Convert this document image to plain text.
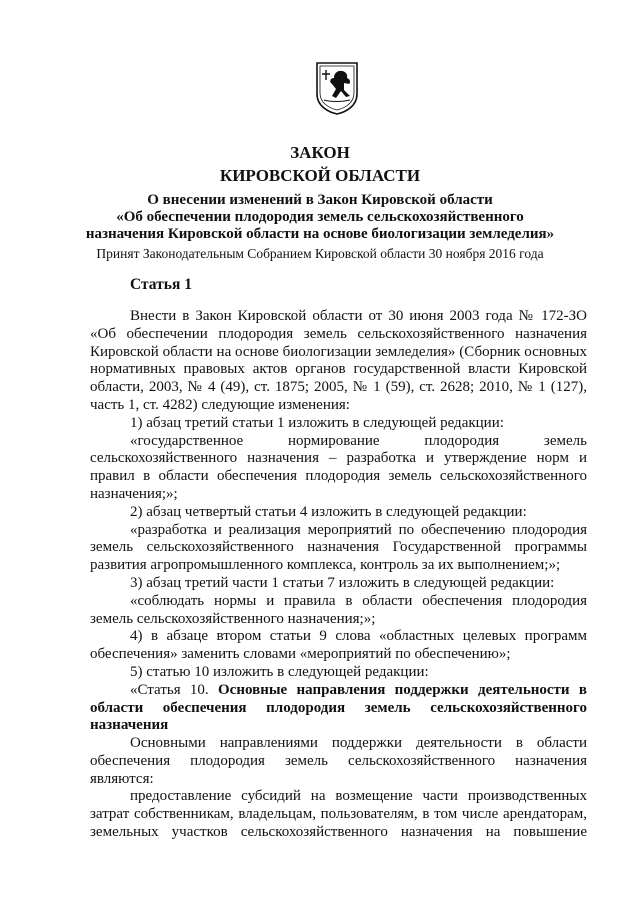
ЗАКОН
КИРОВСКОЙ ОБЛАСТИ
О внесении изменений в Закон Кировской области
«Об обеспечении плодородия земель сельскохозяйственного
назначения Кировской области на основе биологизации земледелия»
Принят Законодательным Собранием Кировской области 30 ноября 2016 года
Статья 1

Внести в Закон Кировской области от 30 июня 2003 года № 172-ЗО «Об обеспечении плодородия земель сельскохозяйственного назначения Кировской области на основе биологизации земледелия» (Сборник основных нормативных правовых актов органов государственной власти Кировской области, 2003, № 4 (49), ст. 1875; 2005, № 1 (59), ст. 2628; 2010, № 1 (127), часть 1, ст. 4282) следующие изменения:

1) абзац третий статьи 1 изложить в следующей редакции:

«государственное нормирование плодородия земель сельскохозяйственного назначения – разработка и утверждение норм и правил в области обеспечения плодородия земель сельскохозяйственного назначения;»;

2) абзац четвертый статьи 4 изложить в следующей редакции:

«разработка и реализация мероприятий по обеспечению плодородия земель сельскохозяйственного назначения Государственной программы развития агропромышленного комплекса, контроль за их выполнением;»;

3) абзац третий части 1 статьи 7 изложить в следующей редакции:

«соблюдать нормы и правила в области обеспечения плодородия земель сельскохозяйственного назначения;»;

4) в абзаце втором статьи 9 слова «областных целевых программ обеспечения» заменить словами «мероприятий по обеспечению»;

5) статью 10 изложить в следующей редакции:

«Статья 10. Основные направления поддержки деятельности в области обеспечения плодородия земель сельскохозяйственного назначения

Основными направлениями поддержки деятельности в области обеспечения плодородия земель сельскохозяйственного назначения являются:

предоставление субсидий на возмещение части производственных затрат собственникам, владельцам, пользователям, в том числе арендаторам, земельных участков сельскохозяйственного назначения на повышение
